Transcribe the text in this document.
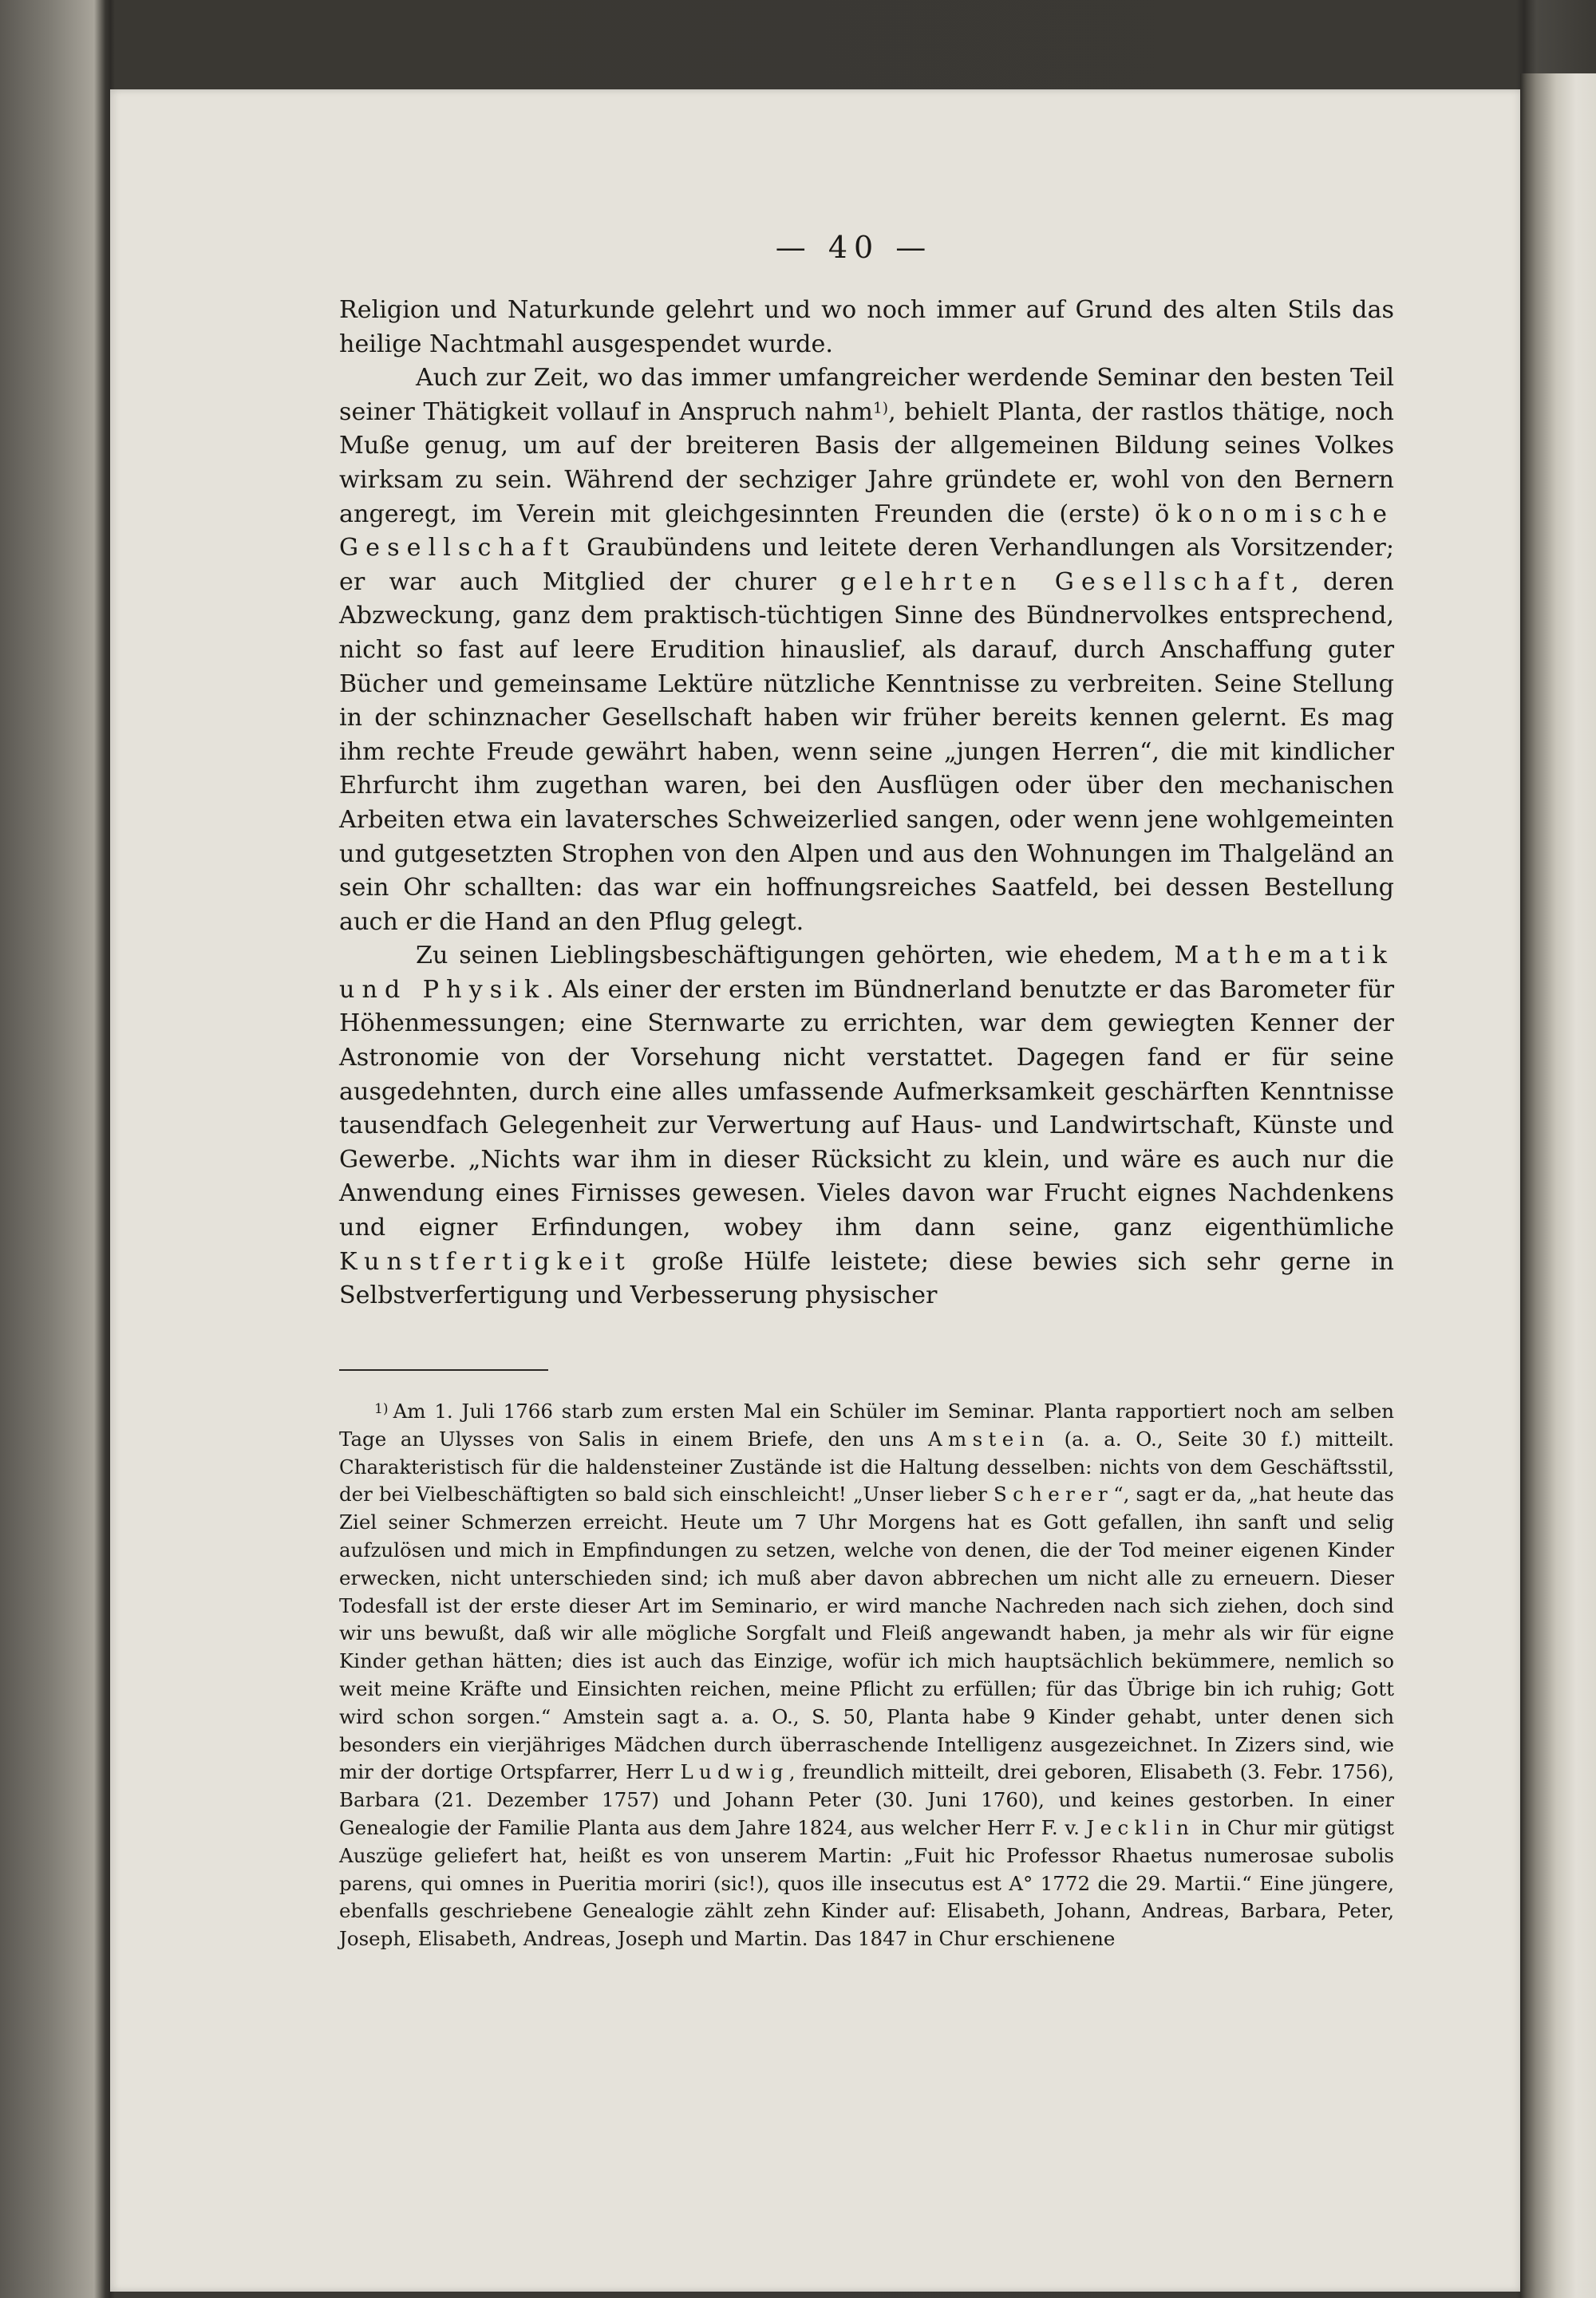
— 40 —

Religion und Naturkunde gelehrt und wo noch immer auf Grund des alten Stils das heilige Nachtmahl ausgespendet wurde.

Auch zur Zeit, wo das immer umfangreicher werdende Seminar den besten Teil seiner Thätigkeit vollauf in Anspruch nahm$^{1)}$, behielt Planta, der rastlos thätige, noch Muße genug, um auf der breiteren Basis der allgemeinen Bildung seines Volkes wirksam zu sein. Während der sechziger Jahre gründete er, wohl von den Bernern angeregt, im Verein mit gleichgesinnten Freunden die (erste) ökonomische Gesellschaft Graubündens und leitete deren Verhandlungen als Vorsitzender; er war auch Mitglied der churer gelehrten Gesellschaft, deren Abzweckung, ganz dem praktisch-tüchtigen Sinne des Bündnervolkes entsprechend, nicht so fast auf leere Erudition hinauslief, als darauf, durch Anschaffung guter Bücher und gemeinsame Lektüre nützliche Kenntnisse zu verbreiten. Seine Stellung in der schinznacher Gesellschaft haben wir früher bereits kennen gelernt. Es mag ihm rechte Freude gewährt haben, wenn seine „jungen Herren“, die mit kindlicher Ehrfurcht ihm zugethan waren, bei den Ausflügen oder über den mechanischen Arbeiten etwa ein lavatersches Schweizerlied sangen, oder wenn jene wohlgemeinten und gutgesetzten Strophen von den Alpen und aus den Wohnungen im Thalgeländ an sein Ohr schallten: das war ein hoffnungsreiches Saatfeld, bei dessen Bestellung auch er die Hand an den Pflug gelegt.

Zu seinen Lieblingsbeschäftigungen gehörten, wie ehedem, Mathematik und Physik. Als einer der ersten im Bündnerland benutzte er das Barometer für Höhenmessungen; eine Sternwarte zu errichten, war dem gewiegten Kenner der Astronomie von der Vorsehung nicht verstattet. Dagegen fand er für seine ausgedehnten, durch eine alles umfassende Aufmerksamkeit geschärften Kenntnisse tausendfach Gelegenheit zur Verwertung auf Haus- und Landwirtschaft, Künste und Gewerbe. „Nichts war ihm in dieser Rücksicht zu klein, und wäre es auch nur die Anwendung eines Firnisses gewesen. Vieles davon war Frucht eignes Nachdenkens und eigner Erfindungen, wobey ihm dann seine, ganz eigenthümliche Kunstfertigkeit große Hülfe leistete; diese bewies sich sehr gerne in Selbstverfertigung und Verbesserung physischer

$^{1)}$ Am 1. Juli 1766 starb zum ersten Mal ein Schüler im Seminar. Planta rapportiert noch am selben Tage an Ulysses von Salis in einem Briefe, den uns Amstein (a. a. O., Seite 30 f.) mitteilt. Charakteristisch für die haldensteiner Zustände ist die Haltung desselben: nichts von dem Geschäftsstil, der bei Vielbeschäftigten so bald sich einschleicht! „Unser lieber Scherer“, sagt er da, „hat heute das Ziel seiner Schmerzen erreicht. Heute um 7 Uhr Morgens hat es Gott gefallen, ihn sanft und selig aufzulösen und mich in Empfindungen zu setzen, welche von denen, die der Tod meiner eigenen Kinder erwecken, nicht unterschieden sind; ich muß aber davon abbrechen um nicht alle zu erneuern. Dieser Todesfall ist der erste dieser Art im Seminario, er wird manche Nachreden nach sich ziehen, doch sind wir uns bewußt, daß wir alle mögliche Sorgfalt und Fleiß angewandt haben, ja mehr als wir für eigne Kinder gethan hätten; dies ist auch das Einzige, wofür ich mich hauptsächlich bekümmere, nemlich so weit meine Kräfte und Einsichten reichen, meine Pflicht zu erfüllen; für das Übrige bin ich ruhig; Gott wird schon sorgen.“ Amstein sagt a. a. O., S. 50, Planta habe 9 Kinder gehabt, unter denen sich besonders ein vierjähriges Mädchen durch überraschende Intelligenz ausgezeichnet. In Zizers sind, wie mir der dortige Ortspfarrer, Herr Ludwig, freundlich mitteilt, drei geboren, Elisabeth (3. Febr. 1756), Barbara (21. Dezember 1757) und Johann Peter (30. Juni 1760), und keines gestorben. In einer Genealogie der Familie Planta aus dem Jahre 1824, aus welcher Herr F. v. Jecklin in Chur mir gütigst Auszüge geliefert hat, heißt es von unserem Martin: „Fuit hic Professor Rhaetus numerosae subolis parens, qui omnes in Pueritia moriri (sic!), quos ille insecutus est A° 1772 die 29. Martii.“ Eine jüngere, ebenfalls geschriebene Genealogie zählt zehn Kinder auf: Elisabeth, Johann, Andreas, Barbara, Peter, Joseph, Elisabeth, Andreas, Joseph und Martin. Das 1847 in Chur erschienene
